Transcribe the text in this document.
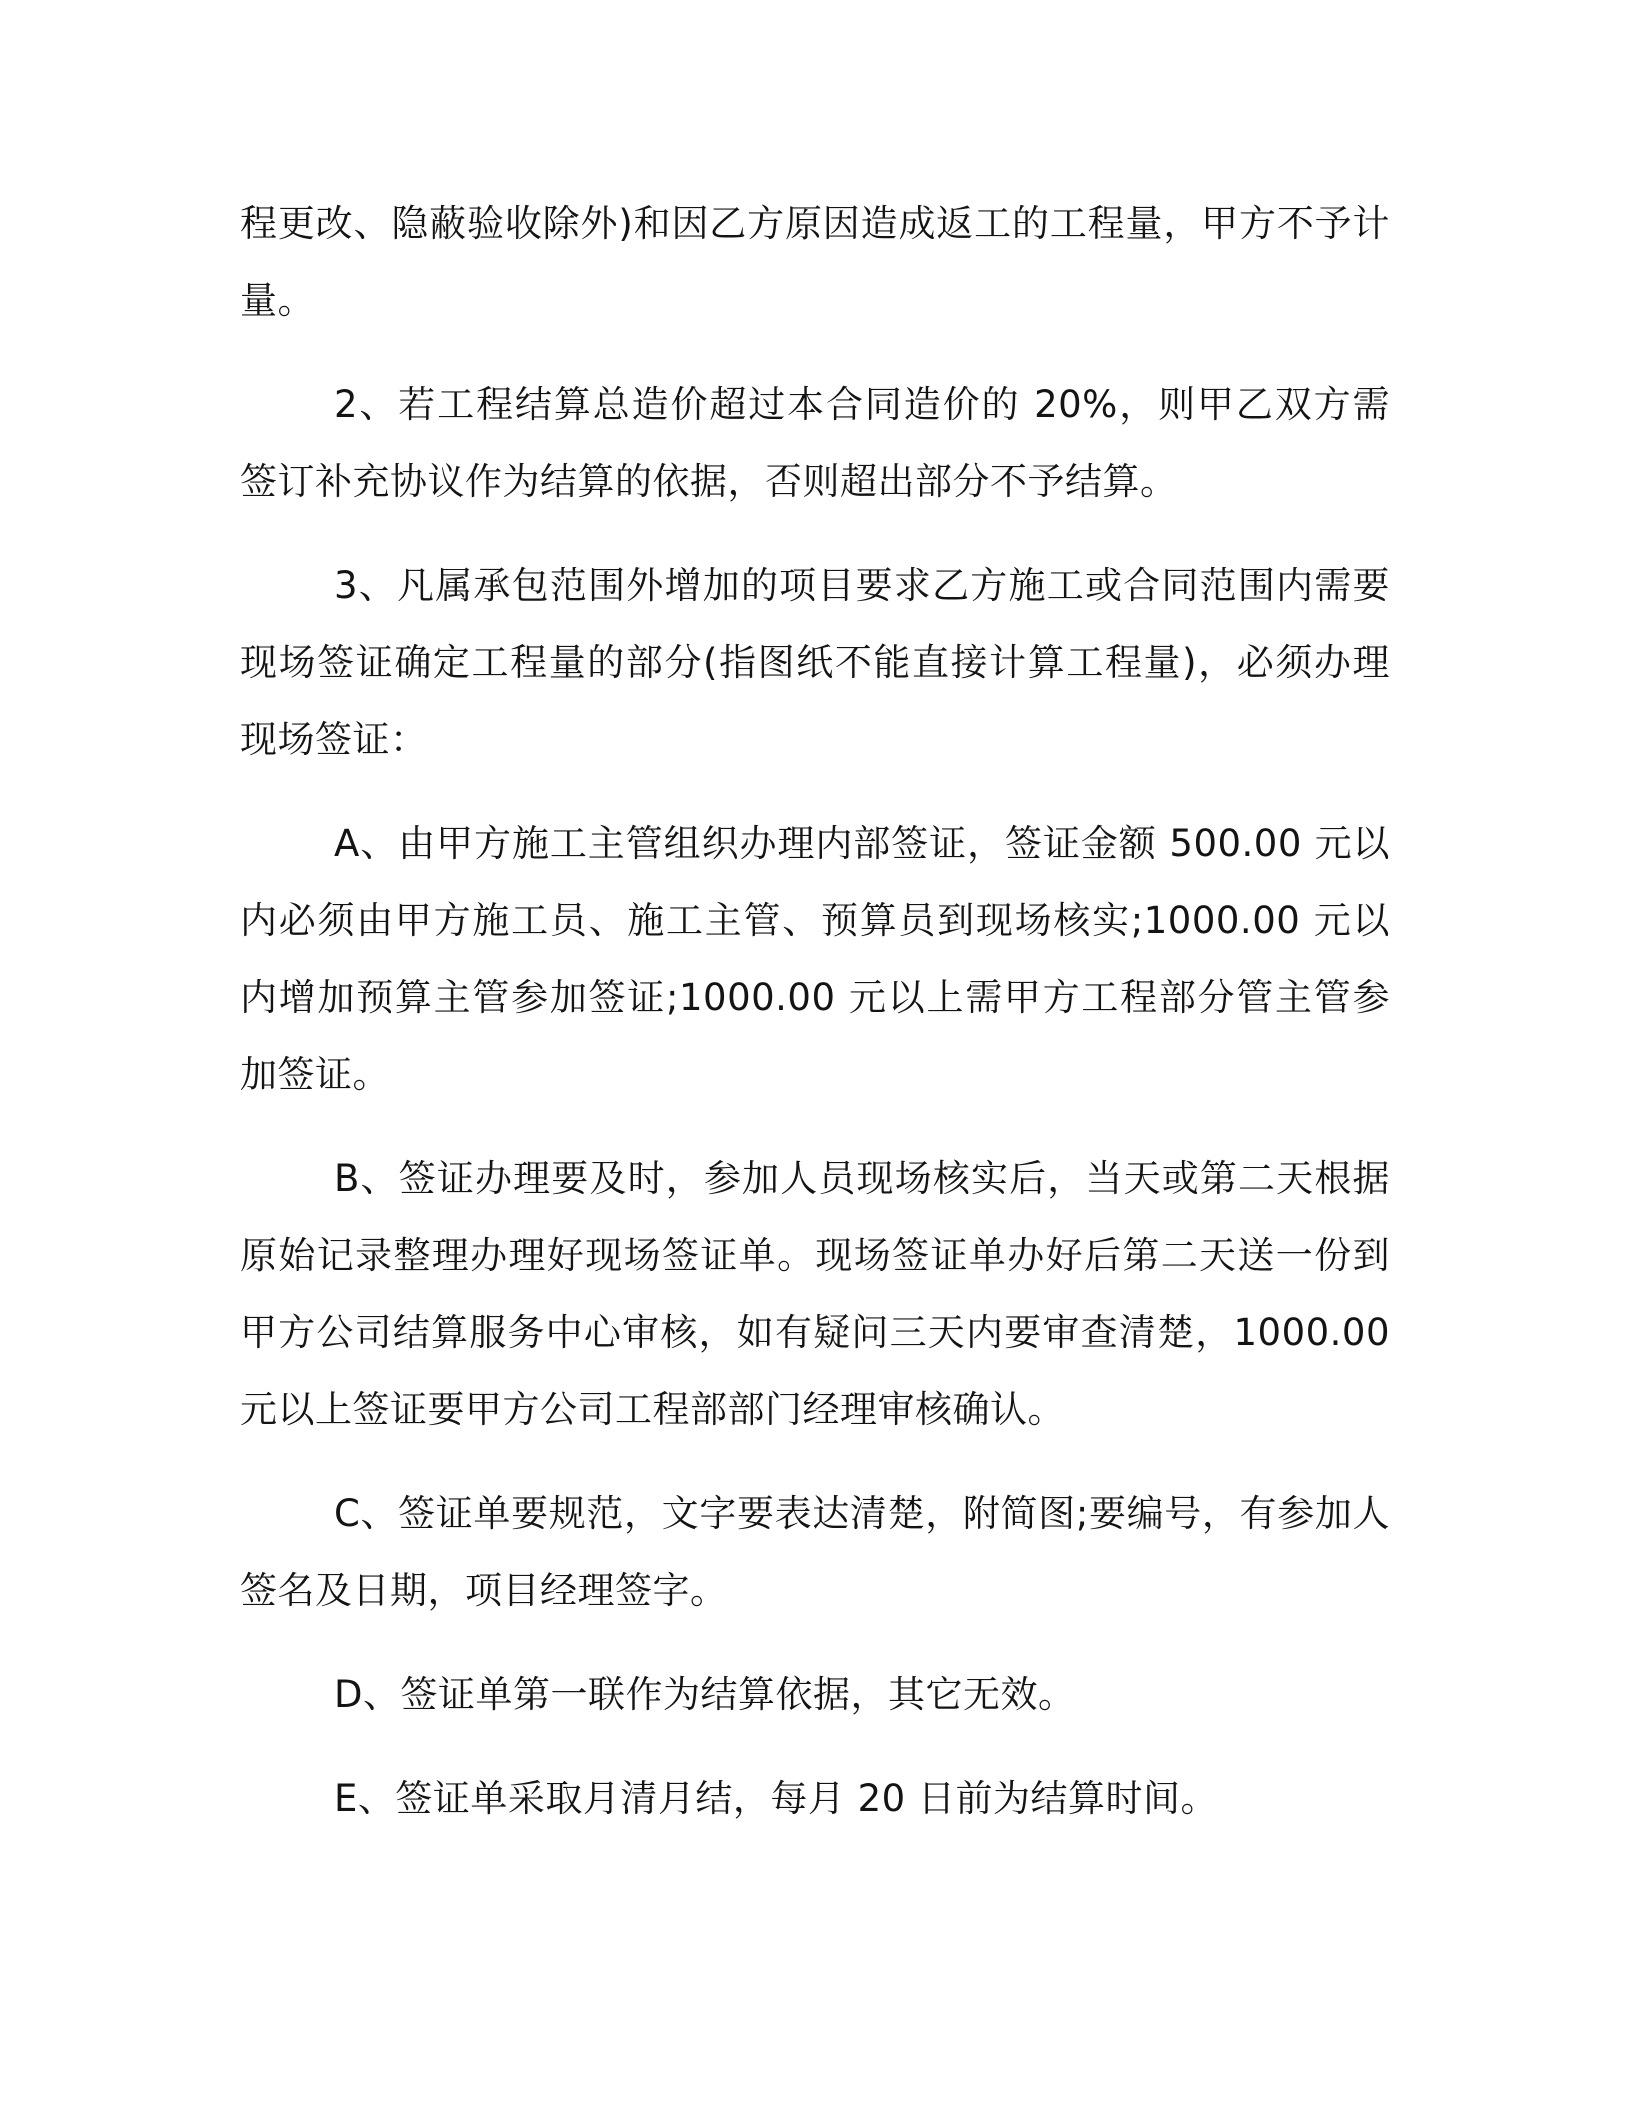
程更改、隐蔽验收除外)和因乙方原因造成返工的工程量，甲方不予计量。

2、若工程结算总造价超过本合同造价的 20%，则甲乙双方需签订补充协议作为结算的依据，否则超出部分不予结算。

3、凡属承包范围外增加的项目要求乙方施工或合同范围内需要现场签证确定工程量的部分(指图纸不能直接计算工程量)，必须办理现场签证：

A、由甲方施工主管组织办理内部签证，签证金额 500.00 元以内必须由甲方施工员、施工主管、预算员到现场核实;1000.00 元以内增加预算主管参加签证;1000.00 元以上需甲方工程部分管主管参加签证。

B、签证办理要及时，参加人员现场核实后，当天或第二天根据原始记录整理办理好现场签证单。现场签证单办好后第二天送一份到甲方公司结算服务中心审核，如有疑问三天内要审查清楚，1000.00 元以上签证要甲方公司工程部部门经理审核确认。

C、签证单要规范，文字要表达清楚，附简图;要编号，有参加人签名及日期，项目经理签字。

D、签证单第一联作为结算依据，其它无效。

E、签证单采取月清月结，每月 20 日前为结算时间。
